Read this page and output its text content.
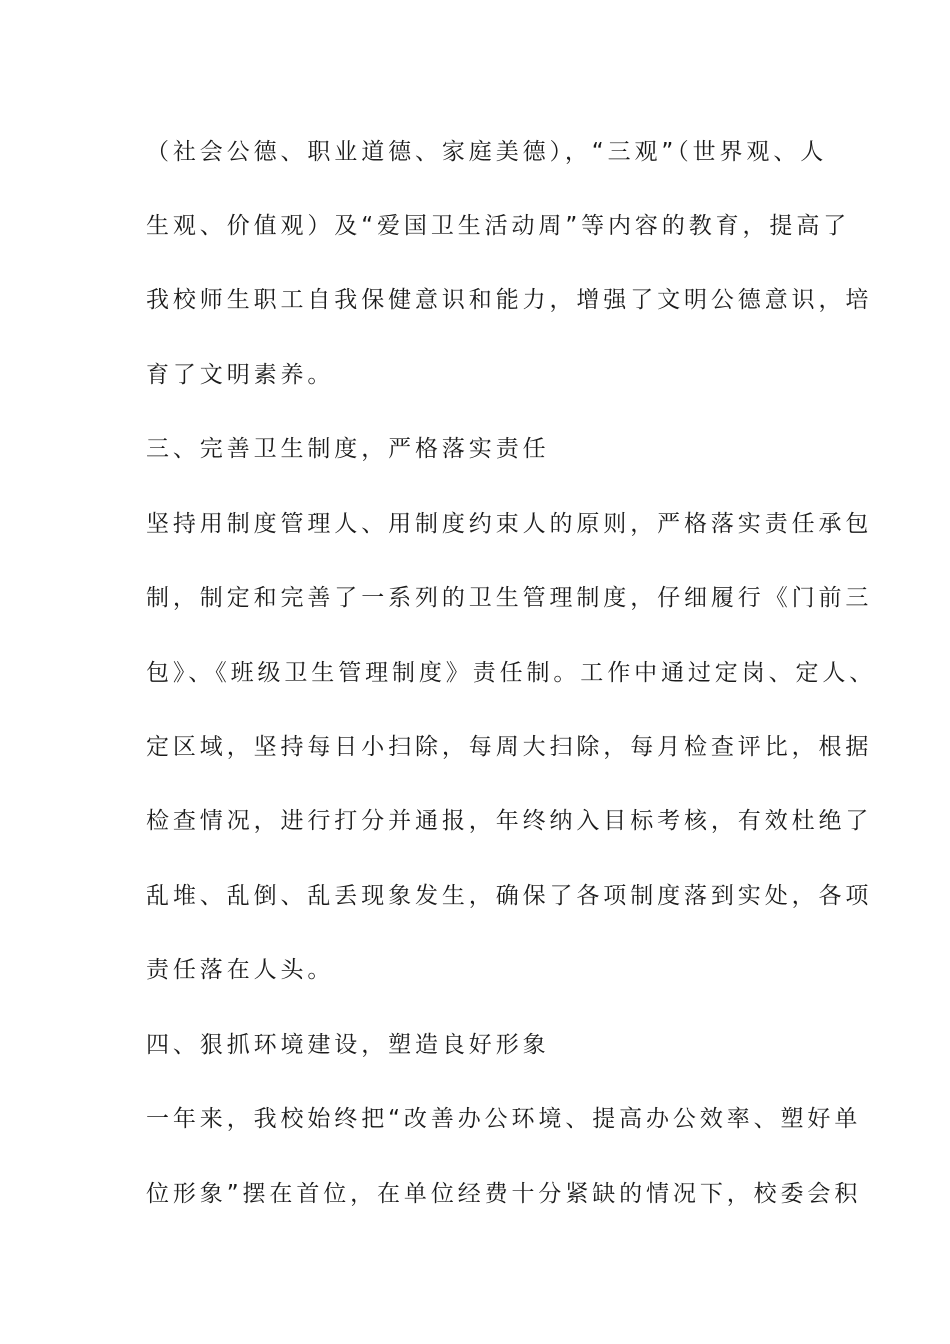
（社会公德、职业道德、家庭美德），“三观”（世界观、人
生观、价值观）及“爱国卫生活动周”等内容的教育，提高了
我校师生职工自我保健意识和能力，增强了文明公德意识，培
育了文明素养。
三、完善卫生制度，严格落实责任
坚持用制度管理人、用制度约束人的原则，严格落实责任承包
制，制定和完善了一系列的卫生管理制度，仔细履行《门前三
包》、《班级卫生管理制度》责任制。工作中通过定岗、定人、
定区域，坚持每日小扫除，每周大扫除，每月检查评比，根据
检查情况，进行打分并通报，年终纳入目标考核，有效杜绝了
乱堆、乱倒、乱丢现象发生，确保了各项制度落到实处，各项
责任落在人头。
四、狠抓环境建设，塑造良好形象
一年来，我校始终把“改善办公环境、提高办公效率、塑好单
位形象”摆在首位，在单位经费十分紧缺的情况下，校委会积
